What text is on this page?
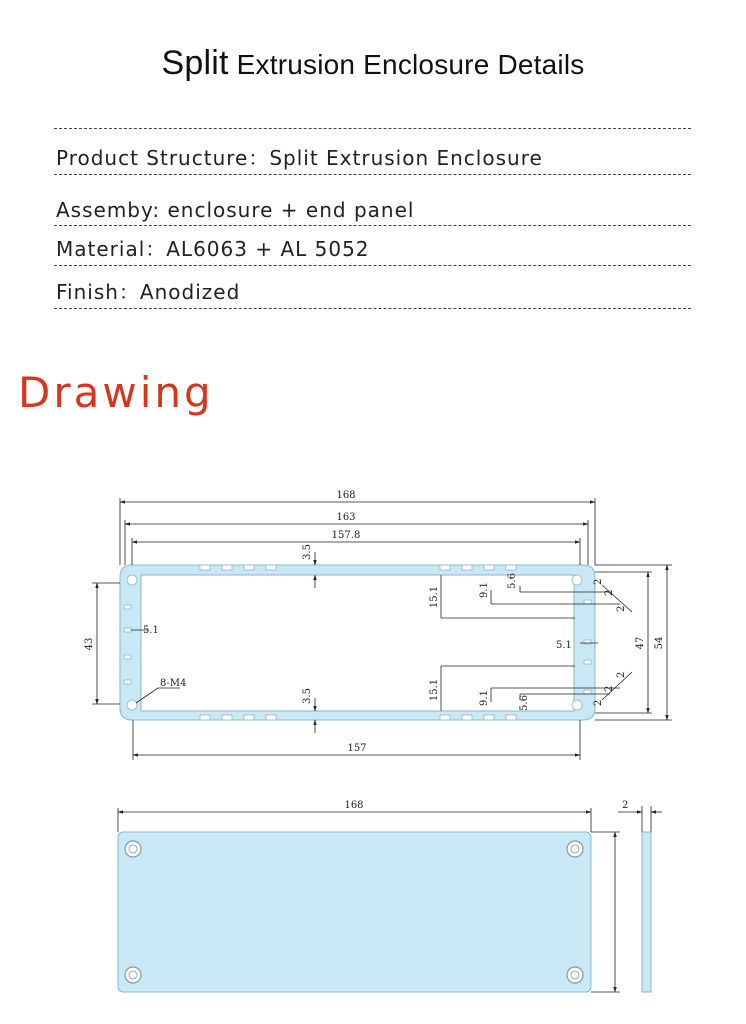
Split Extrusion Enclosure Details
Product Structure：Split Extrusion Enclosure
Assemby: enclosure + end panel
Material：AL6063 + AL 5052
Finish：Anodized
Drawing
168
163
157.8
157
43	47 54
3.5
3.5
5.1
5.1
15.1
15.1
9.1
9.1
5.6
5.6
2
2
2
2
2
2
8-M4
168	2
